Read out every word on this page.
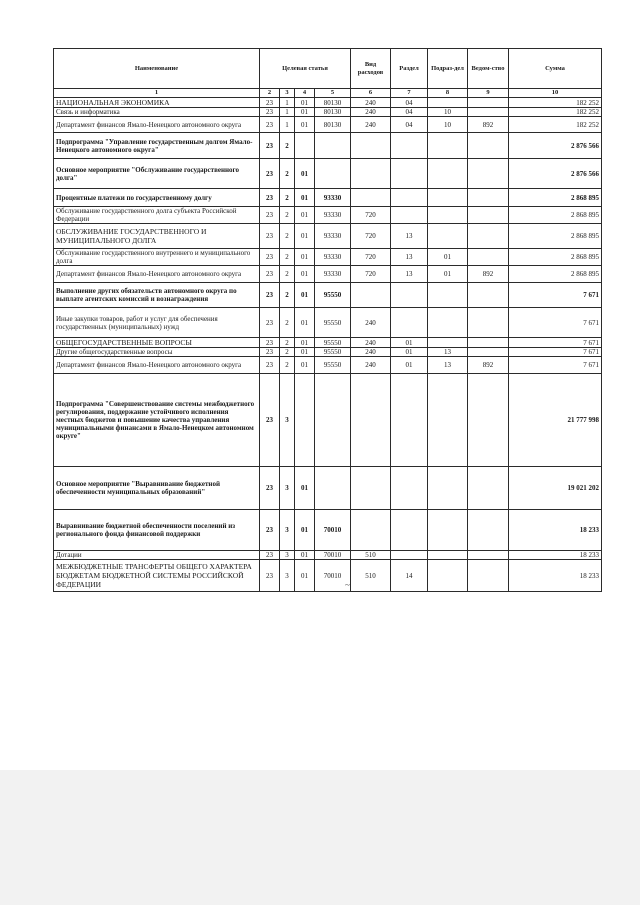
Наименование	Целевая статья				Вид расходов	Раздел	Подраз-дел	Ведом-ство	Сумма
1	2	3	4	5	6	7	8	9	10
НАЦИОНАЛЬНАЯ ЭКОНОМИКА	23	1	01	80130	240	04			182 252
Связь и информатика	23	1	01	80130	240	04	10		182 252
Департамент финансов Ямало-Ненецкого автономного округа	23	1	01	80130	240	04	10	892	182 252
Подпрограмма "Управление государственным долгом Ямало-Ненецкого автономного округа"	23	2							2 876 566
Основное мероприятие "Обслуживание государственного долга"	23	2	01						2 876 566
Процентные платежи по государственному долгу	23	2	01	93330					2 868 895
Обслуживание государственного долга субъекта Российской Федерации	23	2	01	93330	720				2 868 895
ОБСЛУЖИВАНИЕ ГОСУДАРСТВЕННОГО И МУНИЦИПАЛЬНОГО ДОЛГА	23	2	01	93330	720	13			2 868 895
Обслуживание государственного внутреннего и муниципального долга	23	2	01	93330	720	13	01		2 868 895
Департамент финансов Ямало-Ненецкого автономного округа	23	2	01	93330	720	13	01	892	2 868 895
Выполнение других обязательств автономного округа по выплате агентских комиссий и вознаграждения	23	2	01	95550					7 671
Иные закупки товаров, работ и услуг для обеспечения государственных (муниципальных) нужд	23	2	01	95550	240				7 671
ОБЩЕГОСУДАРСТВЕННЫЕ ВОПРОСЫ	23	2	01	95550	240	01			7 671
Другие общегосударственные вопросы	23	2	01	95550	240	01	13		7 671
Департамент финансов Ямало-Ненецкого автономного округа	23	2	01	95550	240	01	13	892	7 671
Подпрограмма "Совершенствование системы межбюджетного регулирования, поддержание устойчивого исполнения местных бюджетов и повышение качества управления муниципальными финансами в Ямало-Ненецком автономном округе"	23	3							21 777 998
Основное мероприятие "Выравнивание бюджетной обеспеченности муниципальных образований"	23	3	01						19 021 202
Выравнивание бюджетной обеспеченности поселений из регионального фонда финансовой поддержки	23	3	01	70010					18 233
Дотации	23	3	01	70010	510				18 233
МЕЖБЮДЖЕТНЫЕ ТРАНСФЕРТЫ ОБЩЕГО ХАРАКТЕРА БЮДЖЕТАМ БЮДЖЕТНОЙ СИСТЕМЫ РОССИЙСКОЙ ФЕДЕРАЦИИ	23	3	01	70010	510	14			18 233
~
